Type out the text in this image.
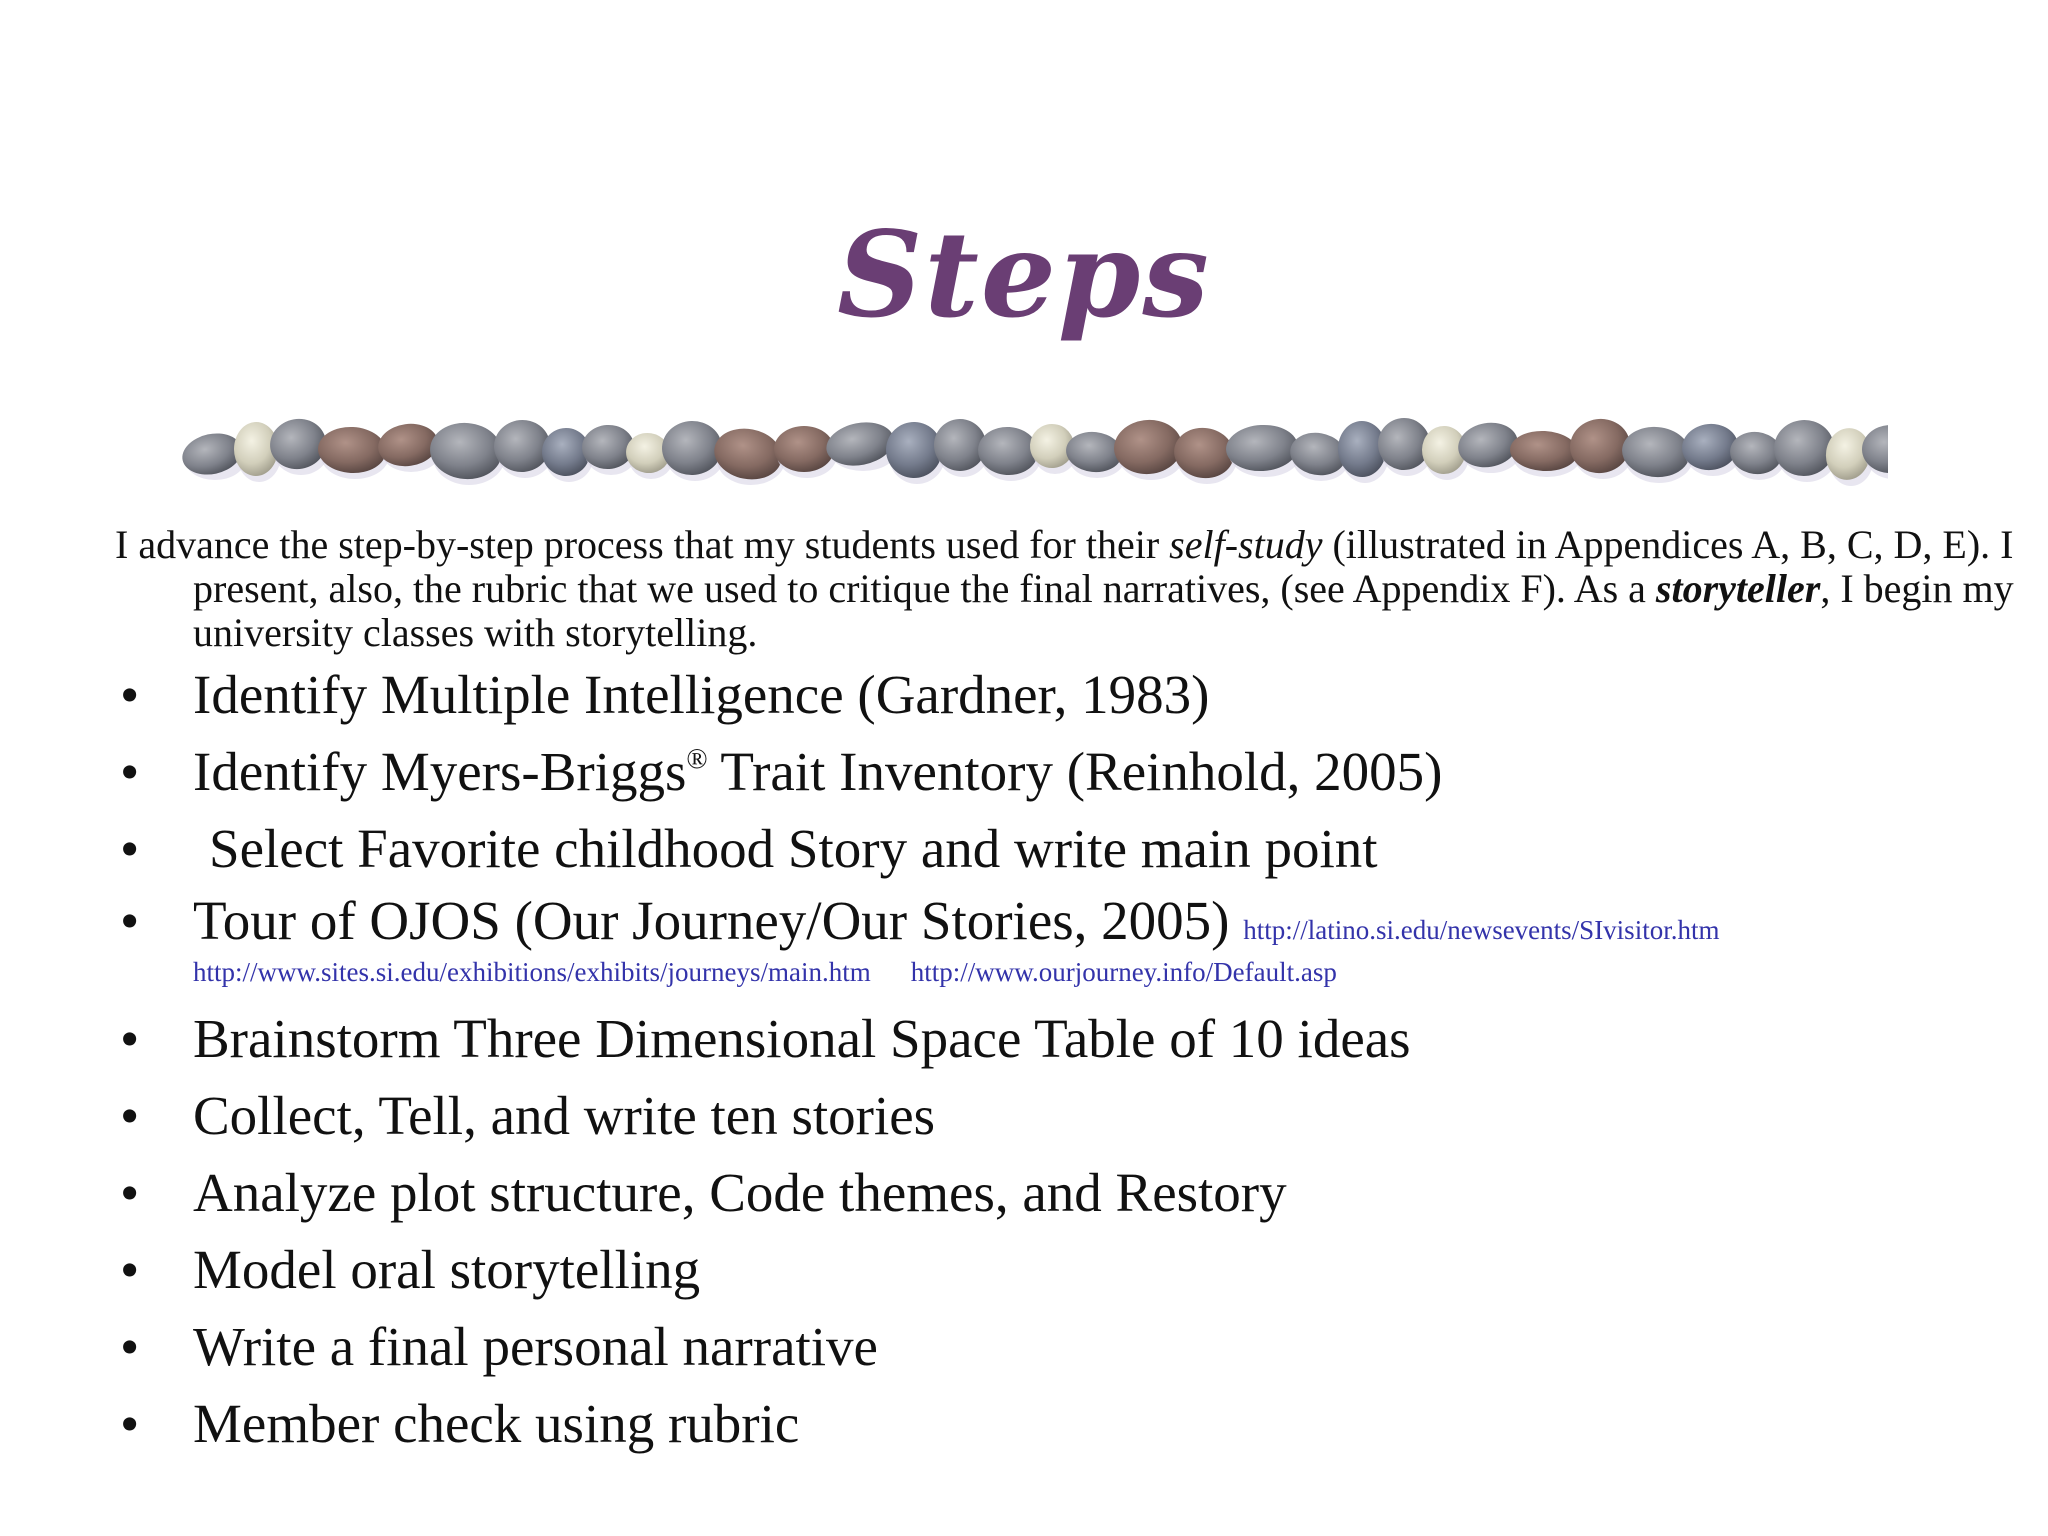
Steps
I advance the step-by-step process that my students used for their self-study (illustrated in Appendices A, B, C, D, E). I present, also, the rubric that we used to critique the final narratives, (see Appendix F). As a storyteller, I begin my university classes with storytelling.
• Identify Multiple Intelligence (Gardner, 1983)
• Identify Myers-Briggs® Trait Inventory (Reinhold, 2005)
• Select Favorite childhood Story and write main point
• Tour of OJOS (Our Journey/Our Stories, 2005) http://latino.si.edu/newsevents/SIvisitor.htm
http://www.sites.si.edu/exhibitions/exhibits/journeys/main.htm http://www.ourjourney.info/Default.asp
• Brainstorm Three Dimensional Space Table of 10 ideas
• Collect, Tell, and write ten stories
• Analyze plot structure, Code themes, and Restory
• Model oral storytelling
• Write a final personal narrative
• Member check using rubric
